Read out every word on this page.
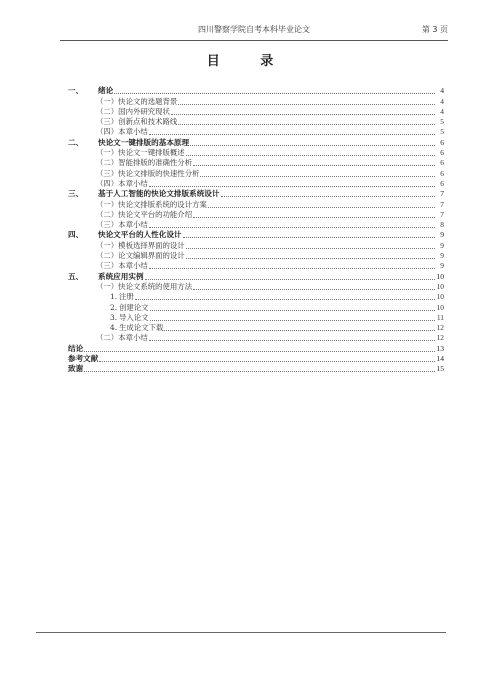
四川警察学院自考本科毕业论文	第 3 页
目 录
一、	绪论	4
（一）快论文的选题背景	4
（二）国内外研究现状	4
（三）创新点和技术路线	5
（四）本章小结	5
二、	快论文一键排版的基本原理	6
（一）快论文一键排版概述	6
（二）智能排版的准确性分析	6
（三）快论文排版的快速性分析	6
（四）本章小结	6
三、	基于人工智能的快论文排版系统设计	7
（一）快论文排版系统的设计方案	7
（二）快论文平台的功能介绍	7
（三）本章小结	8
四、	快论文平台的人性化设计	9
（一）模板选择界面的设计	9
（二）论文编辑界面的设计	9
（三）本章小结	9
五、	系统应用实例	10
（一）快论文系统的使用方法	10
1. 注册	10
2. 创建论文	10
3. 导入论文	11
4. 生成论文下载	12
（二）本章小结	12
结论	13
参考文献	14
致谢	15
